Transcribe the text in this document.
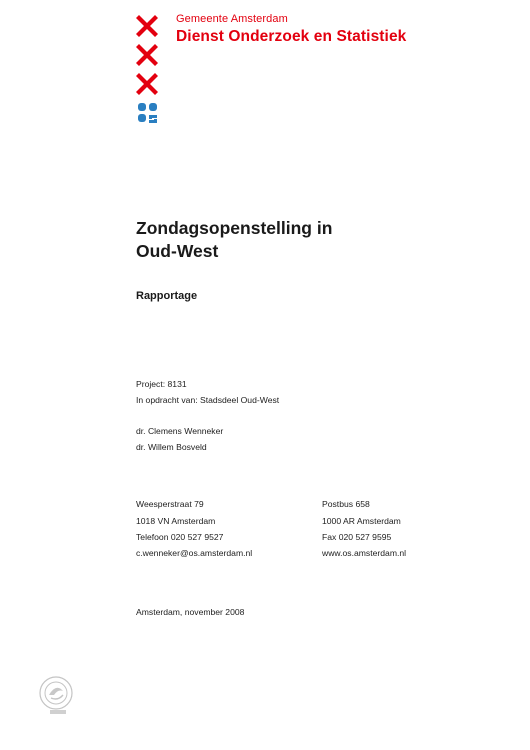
Gemeente Amsterdam
Dienst Onderzoek en Statistiek
Zondagsopenstelling in
Oud-West
Rapportage
Project: 8131
In opdracht van: Stadsdeel Oud-West
dr. Clemens Wenneker
dr. Willem Bosveld
Weesperstraat 79
1018 VN Amsterdam
Telefoon 020 527 9527
c.wenneker@os.amsterdam.nl
Postbus 658
1000 AR Amsterdam
Fax 020 527 9595
www.os.amsterdam.nl
Amsterdam, november 2008
